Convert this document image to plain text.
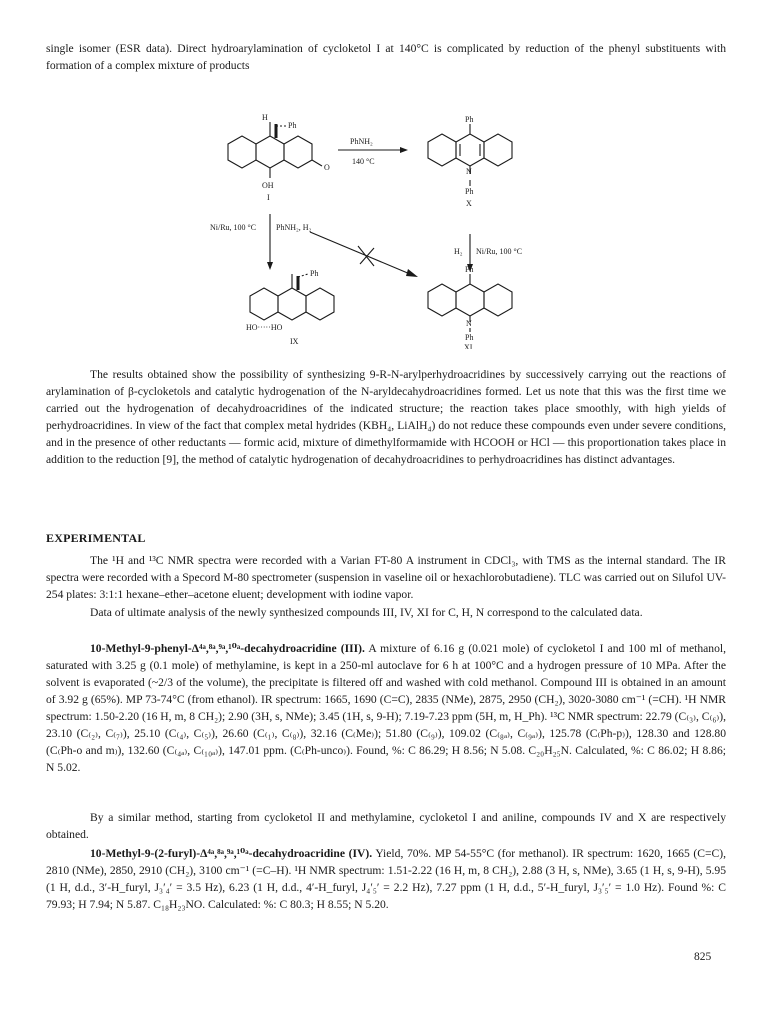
single isomer (ESR data). Direct hydroarylamination of cycloketol I at 140°C is complicated by reduction of the phenyl substituents with formation of a complex mixture of products

H
Ph
O
OH
I
PhNH₂
140 °C
Ph
N
Ph
X
Ni/Ru, 100 °C PhNH₂, H₂
H₂ Ni/Ru, 100 °C
Ph
HO·····HO
IX
Ph
N
Ph
XI

The results obtained show the possibility of synthesizing 9-R-N-arylperhydroacridines by successively carrying out the reactions of arylamination of β-cycloketols and catalytic hydrogenation of the N-aryldecahydroacridines formed. Let us note that this was the first time we carried out the hydrogenation of decahydroacridines of the indicated structure; the reaction takes place smoothly, with high yields of perhydroacridines. In view of the fact that complex metal hydrides (KBH₄, LiAlH₄) do not reduce these compounds even under severe conditions, and in the presence of other reductants — formic acid, mixture of dimethylformamide with HCOOH or HCl — this proportionation takes place in addition to the reduction [9], the method of catalytic hydrogenation of decahydroacridines to perhydroacridines has distinct advantages.

EXPERIMENTAL

The ¹H and ¹³C NMR spectra were recorded with a Varian FT-80 A instrument in CDCl₃, with TMS as the internal standard. The IR spectra were recorded with a Specord M-80 spectrometer (suspension in vaseline oil or hexachlorobutadiene). TLC was carried out on Silufol UV-254 plates: 3:1:1 hexane–ether–acetone eluent; development with iodine vapor.

Data of ultimate analysis of the newly synthesized compounds III, IV, XI for C, H, N correspond to the calculated data.

10-Methyl-9-phenyl-Δ⁴ᵃ,⁸ᵃ,⁹ᵃ,¹⁰ᵃ-decahydroacridine (III). A mixture of 6.16 g (0.021 mole) of cycloketol I and 100 ml of methanol, saturated with 3.25 g (0.1 mole) of methylamine, is kept in a 250-ml autoclave for 6 h at 100°C and a hydrogen pressure of 10 MPa. After the solvent is evaporated (~2/3 of the volume), the precipitate is filtered off and washed with cold methanol. Compound III is obtained in an amount of 3.92 g (65%). MP 73-74°C (from ethanol). IR spectrum: 1665, 1690 (C=C), 2835 (NMe), 2875, 2950 (CH₂), 3020-3080 cm⁻¹ (=CH). ¹H NMR spectrum: 1.50-2.20 (16 H, m, 8 CH₂); 2.90 (3H, s, NMe); 3.45 (1H, s, 9-H); 7.19-7.23 ppm (5H, m, H_Ph). ¹³C NMR spectrum: 22.79 (C₍₃₎, C₍₆₎), 23.10 (C₍₂₎, C₍₇₎), 25.10 (C₍₄₎, C₍₅₎), 26.60 (C₍₁₎, C₍₈₎), 32.16 (C₍Me₎); 51.80 (C₍₉₎), 109.02 (C₍₈ₐ₎, C₍₉ₐ₎), 125.78 (C₍Ph-p₎), 128.30 and 128.80 (C₍Ph-o and m₎), 132.60 (C₍₄ₐ₎, C₍₁₀ₐ₎), 147.01 ppm. (C₍Ph-unco₎). Found, %: C 86.29; H 8.56; N 5.08. C₂₀H₂₅N. Calculated, %: C 86.02; H 8.86; N 5.02.

By a similar method, starting from cycloketol II and methylamine, cycloketol I and aniline, compounds IV and X are respectively obtained.

10-Methyl-9-(2-furyl)-Δ⁴ᵃ,⁸ᵃ,⁹ᵃ,¹⁰ᵃ-decahydroacridine (IV). Yield, 70%. MP 54-55°C (for methanol). IR spectrum: 1620, 1665 (C=C), 2810 (NMe), 2850, 2910 (CH₂), 3100 cm⁻¹ (=C–H). ¹H NMR spectrum: 1.51-2.22 (16 H, m, 8 CH₂), 2.88 (3 H, s, NMe), 3.65 (1 H, s, 9-H), 5.95 (1 H, d.d., 3′-H_furyl, J₃′₄′ = 3.5 Hz), 6.23 (1 H, d.d., 4′-H_furyl, J₄′₅′ = 2.2 Hz), 7.27 ppm (1 H, d.d., 5′-H_furyl, J₃′₅′ = 1.0 Hz). Found %: C 79.93; H 7.94; N 5.87. C₁₈H₂₃NO. Calculated: %: C 80.3; H 8.55; N 5.20.

825
